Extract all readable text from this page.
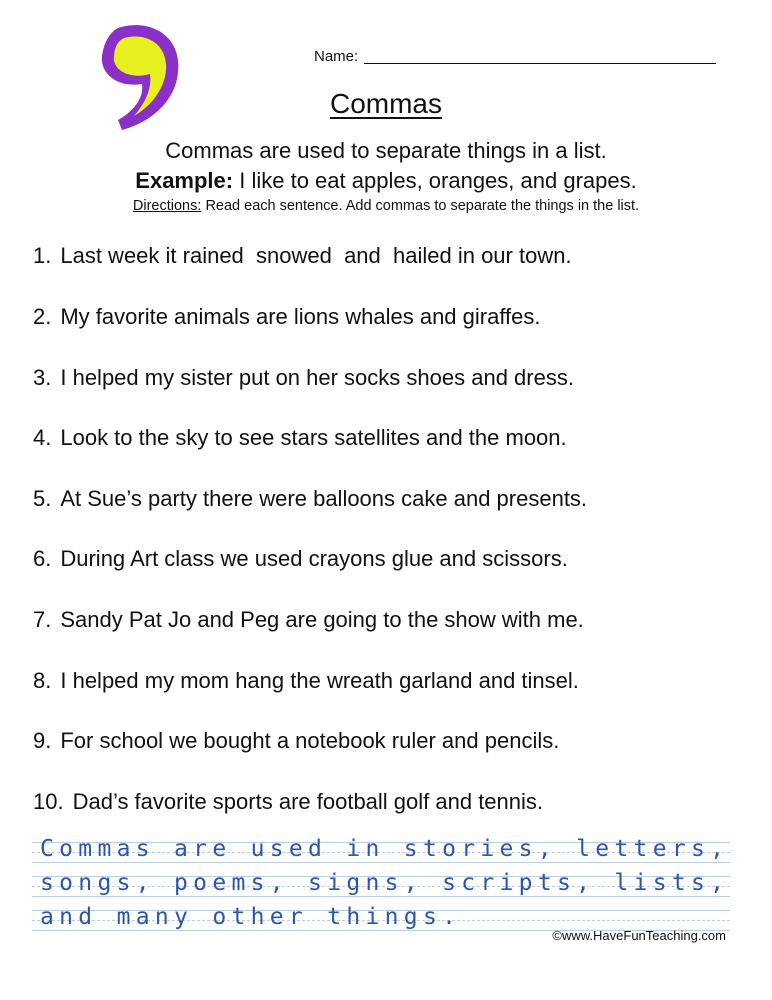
Name:
Commas
Commas are used to separate things in a list.
Example: I like to eat apples, oranges, and grapes.
Directions: Read each sentence. Add commas to separate the things in the list.
1. Last week it rained  snowed  and  hailed in our town.
2. My favorite animals are lions whales and giraffes.
3. I helped my sister put on her socks shoes and dress.
4. Look to the sky to see stars satellites and the moon.
5. At Sue’s party there were balloons cake and presents.
6. During Art class we used crayons glue and scissors.
7. Sandy Pat Jo and Peg are going to the show with me.
8. I helped my mom hang the wreath garland and tinsel.
9. For school we bought a notebook ruler and pencils.
10. Dad’s favorite sports are football golf and tennis.
Commas are used in stories, letters,
songs, poems, signs, scripts, lists,
and many other things.
©www.HaveFunTeaching.com
